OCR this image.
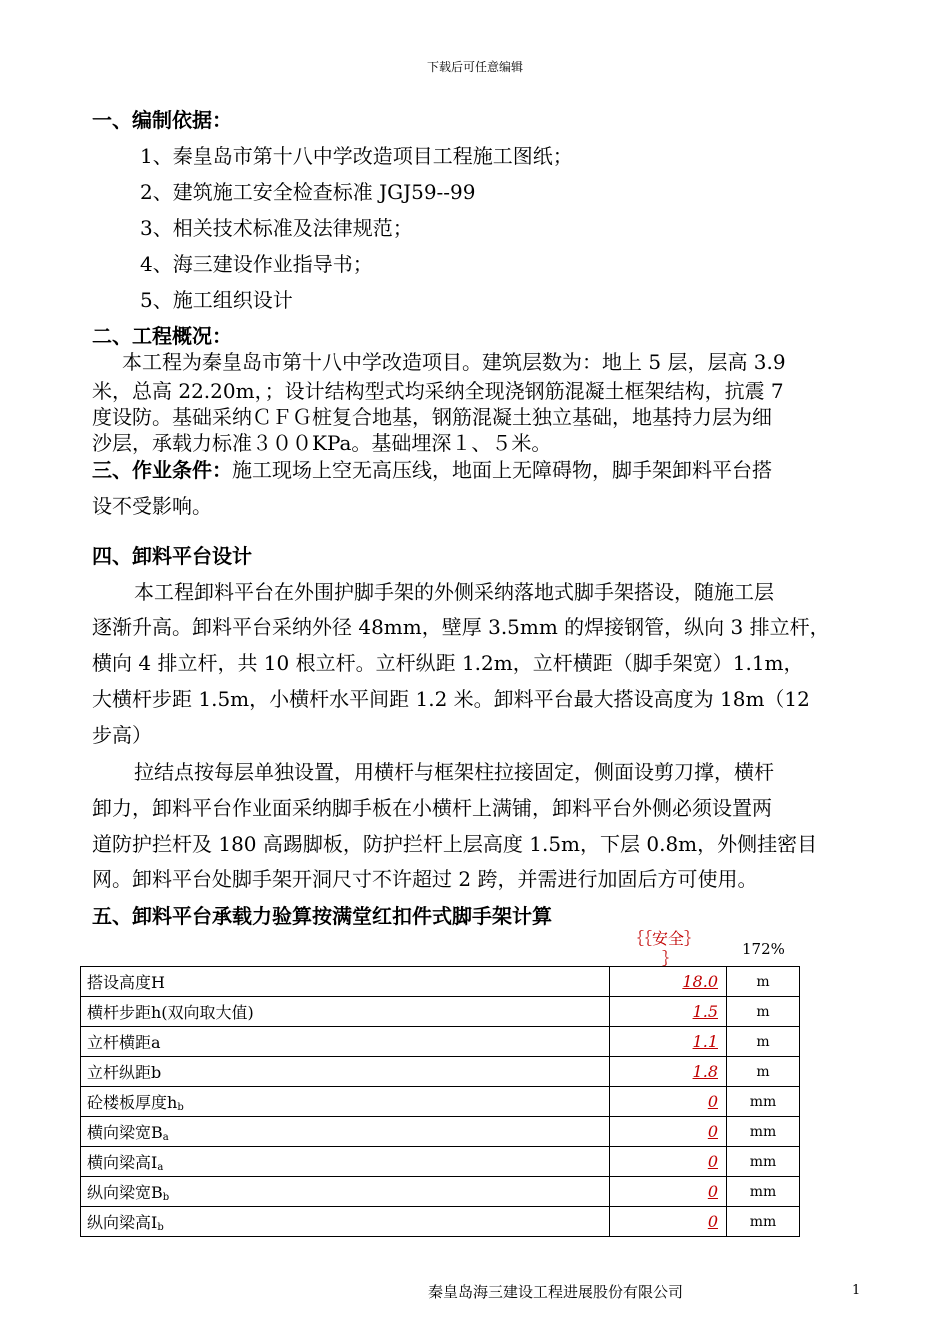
下载后可任意编辑
一、编制依据：
1、秦皇岛市第十八中学改造项目工程施工图纸；
2、建筑施工安全检查标准 JGJ59--99
3、相关技术标准及法律规范；
4、海三建设作业指导书；
5、施工组织设计
二、工程概况：
本工程为秦皇岛市第十八中学改造项目。建筑层数为：地上 5 层，层高 3.9
米，总高 22.20m，；设计结构型式均采纳全现浇钢筋混凝土框架结构，抗震 7
度设防。基础采纳ＣＦＧ桩复合地基，钢筋混凝土独立基础，地基持力层为细
沙层，承载力标准３００KPa。基础埋深１、５米。
三、作业条件：施工现场上空无高压线，地面上无障碍物，脚手架卸料平台搭
设不受影响。
四、卸料平台设计
本工程卸料平台在外围护脚手架的外侧采纳落地式脚手架搭设，随施工层
逐渐升高。卸料平台采纳外径 48mm，壁厚 3.5mm 的焊接钢管，纵向 3 排立杆，
横向 4 排立杆，共 10 根立杆。立杆纵距 1.2m，立杆横距（脚手架宽）1.1m，
大横杆步距 1.5m，小横杆水平间距 1.2 米。卸料平台最大搭设高度为 18m（12
步高）
拉结点按每层单独设置，用横杆与框架柱拉接固定，侧面设剪刀撑，横杆
卸力，卸料平台作业面采纳脚手板在小横杆上满铺，卸料平台外侧必须设置两
道防护拦杆及 180 高踢脚板，防护拦杆上层高度 1.5m，下层 0.8m，外侧挂密目
网。卸料平台处脚手架开洞尺寸不许超过 2 跨，并需进行加固后方可使用。
五、卸料平台承载力验算按满堂红扣件式脚手架计算
｛｛安全｝
｝	172%
搭设高度H	18.0	m
横杆步距h(双向取大值)	1.5	m
立杆横距a	1.1	m
立杆纵距b	1.8	m
砼楼板厚度$h_b$	0	mm
横向梁宽$B_a$	0	mm
横向梁高$I_a$	0	mm
纵向梁宽$B_b$	0	mm
纵向梁高$I_b$	0	mm
秦皇岛海三建设工程进展股份有限公司	1
